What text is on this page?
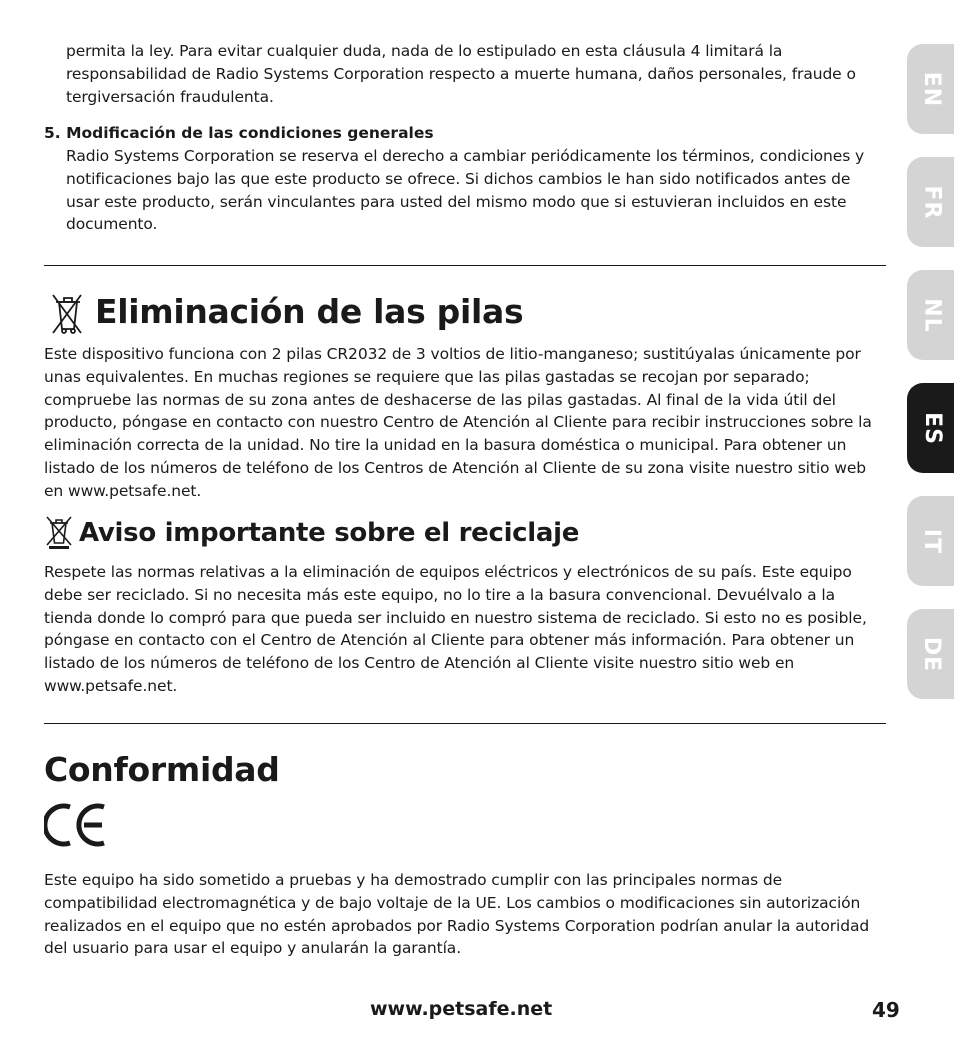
permita la ley. Para evitar cualquier duda, nada de lo estipulado en esta cláusula 4 limitará la responsabilidad de Radio Systems Corporation respecto a muerte humana, daños personales, fraude o tergiversación fraudulenta.

5. Modificación de las condiciones generales

Radio Systems Corporation se reserva el derecho a cambiar periódicamente los términos, condiciones y notificaciones bajo las que este producto se ofrece. Si dichos cambios le han sido notificados antes de usar este producto, serán vinculantes para usted del mismo modo que si estuvieran incluidos en este documento.

Eliminación de las pilas

Este dispositivo funciona con 2 pilas CR2032 de 3 voltios de litio-manganeso; sustitúyalas únicamente por unas equivalentes. En muchas regiones se requiere que las pilas gastadas se recojan por separado; compruebe las normas de su zona antes de deshacerse de las pilas gastadas. Al final de la vida útil del producto, póngase en contacto con nuestro Centro de Atención al Cliente para recibir instrucciones sobre la eliminación correcta de la unidad. No tire la unidad en la basura doméstica o municipal. Para obtener un listado de los números de teléfono de los Centros de Atención al Cliente de su zona visite nuestro sitio web en www.petsafe.net.

Aviso importante sobre el reciclaje

Respete las normas relativas a la eliminación de equipos eléctricos y electrónicos de su país. Este equipo debe ser reciclado. Si no necesita más este equipo, no lo tire a la basura convencional. Devuélvalo a la tienda donde lo compró para que pueda ser incluido en nuestro sistema de reciclado. Si esto no es posible, póngase en contacto con el Centro de Atención al Cliente para obtener más información. Para obtener un listado de los números de teléfono de los Centro de Atención al Cliente visite nuestro sitio web en www.petsafe.net.

Conformidad

Este equipo ha sido sometido a pruebas y ha demostrado cumplir con las principales normas de compatibilidad electromagnética y de bajo voltaje de la UE. Los cambios o modificaciones sin autorización realizados en el equipo que no estén aprobados por Radio Systems Corporation podrían anular la autoridad del usuario para usar el equipo y anularán la garantía.

EN
FR
NL
ES
IT
DE
www.petsafe.net	49
